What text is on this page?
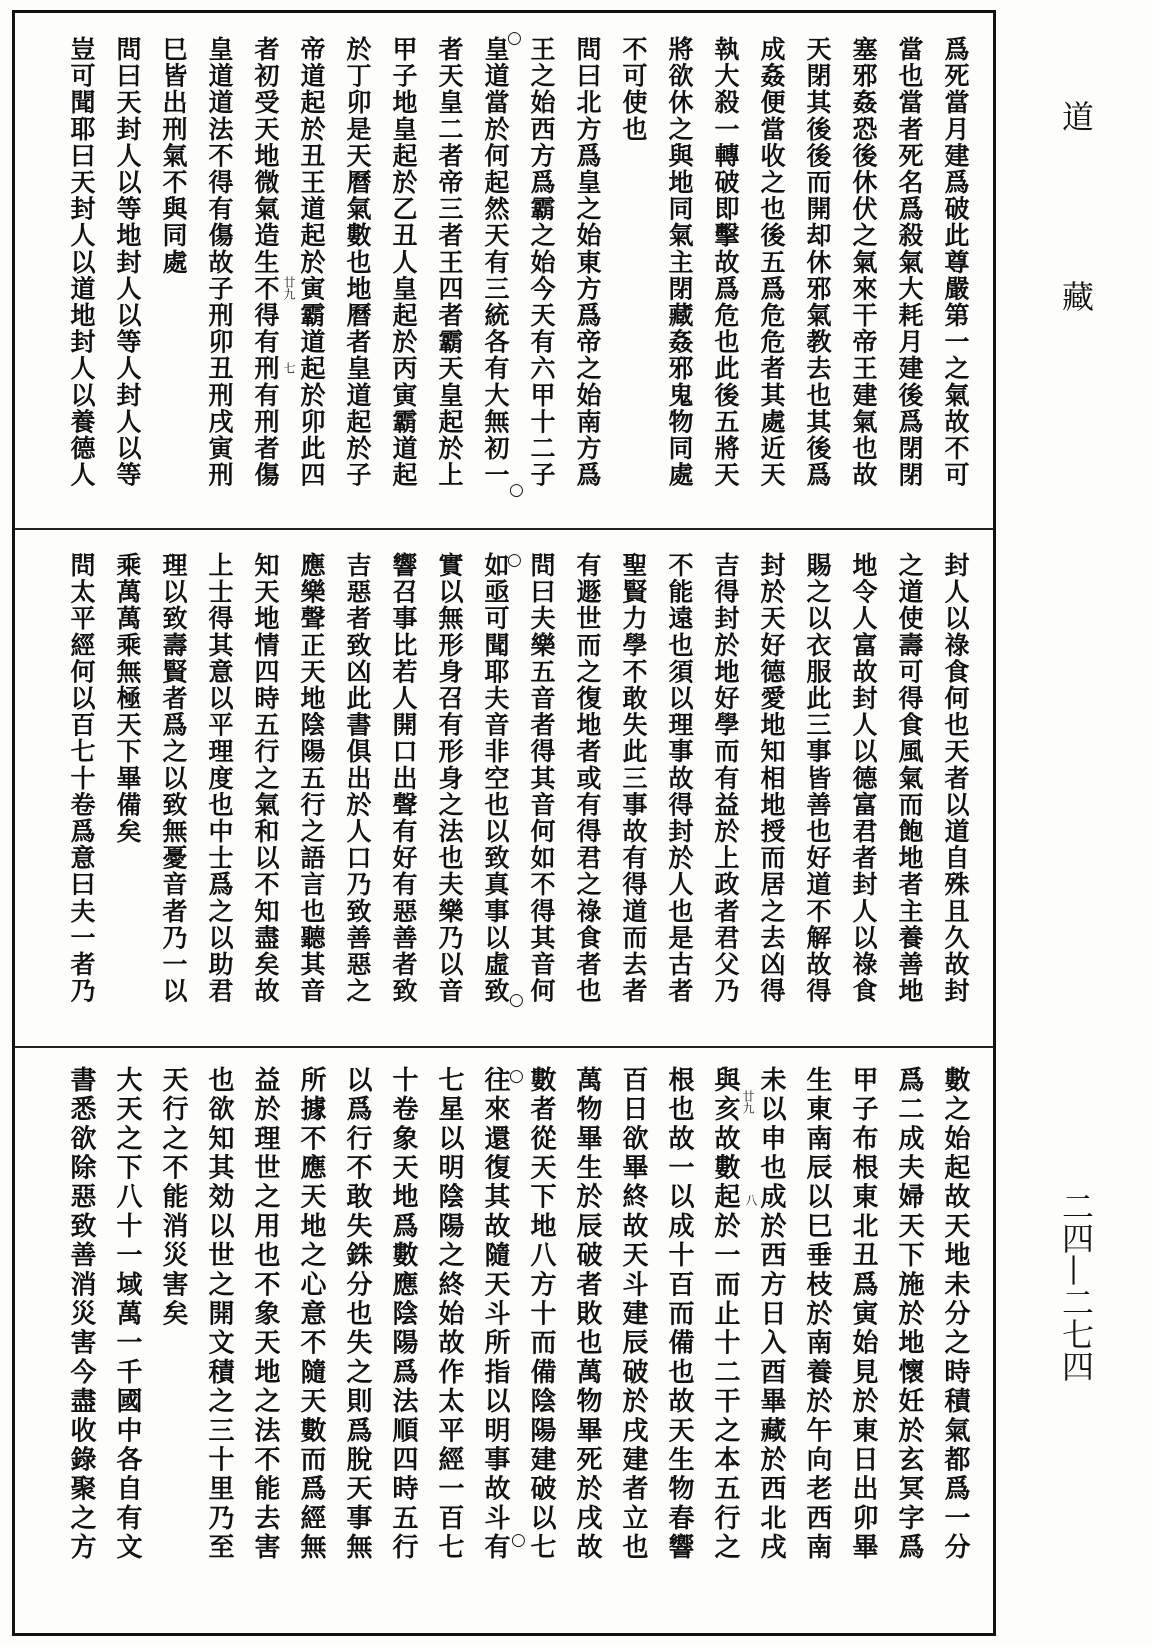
爲死當月建爲破此尊嚴第一之氣故不可
當也當者死名爲殺氣大耗月建後爲閉閉
塞邪姦恐後休伏之氣來干帝王建氣也故
天閉其後後而開却休邪氣教去也其後爲
成姦便當收之也後五爲危危者其處近天
執大殺一轉破即擊故爲危也此後五將天
將欲休之與地同氣主閉藏姦邪鬼物同處
不可使也
問曰北方爲皇之始東方爲帝之始南方爲
王之始西方爲霸之始今天有六甲十二子
皇道當於何起然天有三統各有大無初一
者天皇二者帝三者王四者霸天皇起於上
甲子地皇起於乙丑人皇起於丙寅霸道起
於丁卯是天曆氣數也地曆者皇道起於子
帝道起於丑王道起於寅霸道起於卯此四
者初受天地微氣造生不得有刑有刑者傷
皇道道法不得有傷故子刑卯丑刑戌寅刑
巳皆出刑氣不與同處
問曰天封人以等地封人以等人封人以等
豈可聞耶曰天封人以道地封人以養德人
封人以祿食何也天者以道自殊且久故封
之道使壽可得食風氣而飽地者主養善地
地令人富故封人以德富君者封人以祿食
賜之以衣服此三事皆善也好道不解故得
封於天好德愛地知相地授而居之去凶得
吉得封於地好學而有益於上政者君父乃
不能遠也須以理事故得封於人也是古者
聖賢力學不敢失此三事故有得道而去者
有遯世而之復地者或有得君之祿食者也
問曰夫樂五音者得其音何如不得其音何
如亟可聞耶夫音非空也以致真事以虛致
實以無形身召有形身之法也夫樂乃以音
響召事比若人開口出聲有好有惡善者致
吉惡者致凶此書俱出於人口乃致善惡之
應樂聲正天地陰陽五行之語言也聽其音
知天地情四時五行之氣和以不知盡矣故
上士得其意以平理度也中士爲之以助君
理以致壽賢者爲之以致無憂音者乃一以
乘萬萬乘無極天下畢備矣
問太平經何以百七十卷爲意曰夫一者乃
數之始起故天地未分之時積氣都爲一分
爲二成夫婦天下施於地懷妊於玄冥字爲
甲子布根東北丑爲寅始見於東日出卯畢
生東南辰以巳垂枝於南養於午向老西南
未以申也成於西方日入酉畢藏於西北戌
與亥故數起於一而止十二干之本五行之
根也故一以成十百而備也故天生物春響
百日欲畢終故天斗建辰破於戌建者立也
萬物畢生於辰破者敗也萬物畢死於戌故
數者從天下地八方十而備陰陽建破以七
往來還復其故隨天斗所指以明事故斗有
七星以明陰陽之終始故作太平經一百七
十卷象天地爲數應陰陽爲法順四時五行
以爲行不敢失銖分也失之則爲脫天事無
所據不應天地之心意不隨天數而爲經無
益於理世之用也不象天地之法不能去害
也欲知其効以世之開文積之三十里乃至
天行之不能消災害矣
大天之下八十一域萬一千國中各自有文
書悉欲除惡致善消災害今盡收錄聚之方
○
○
○
○
○
○
廿九
七
廿九
八
道
藏
二四—二七四
